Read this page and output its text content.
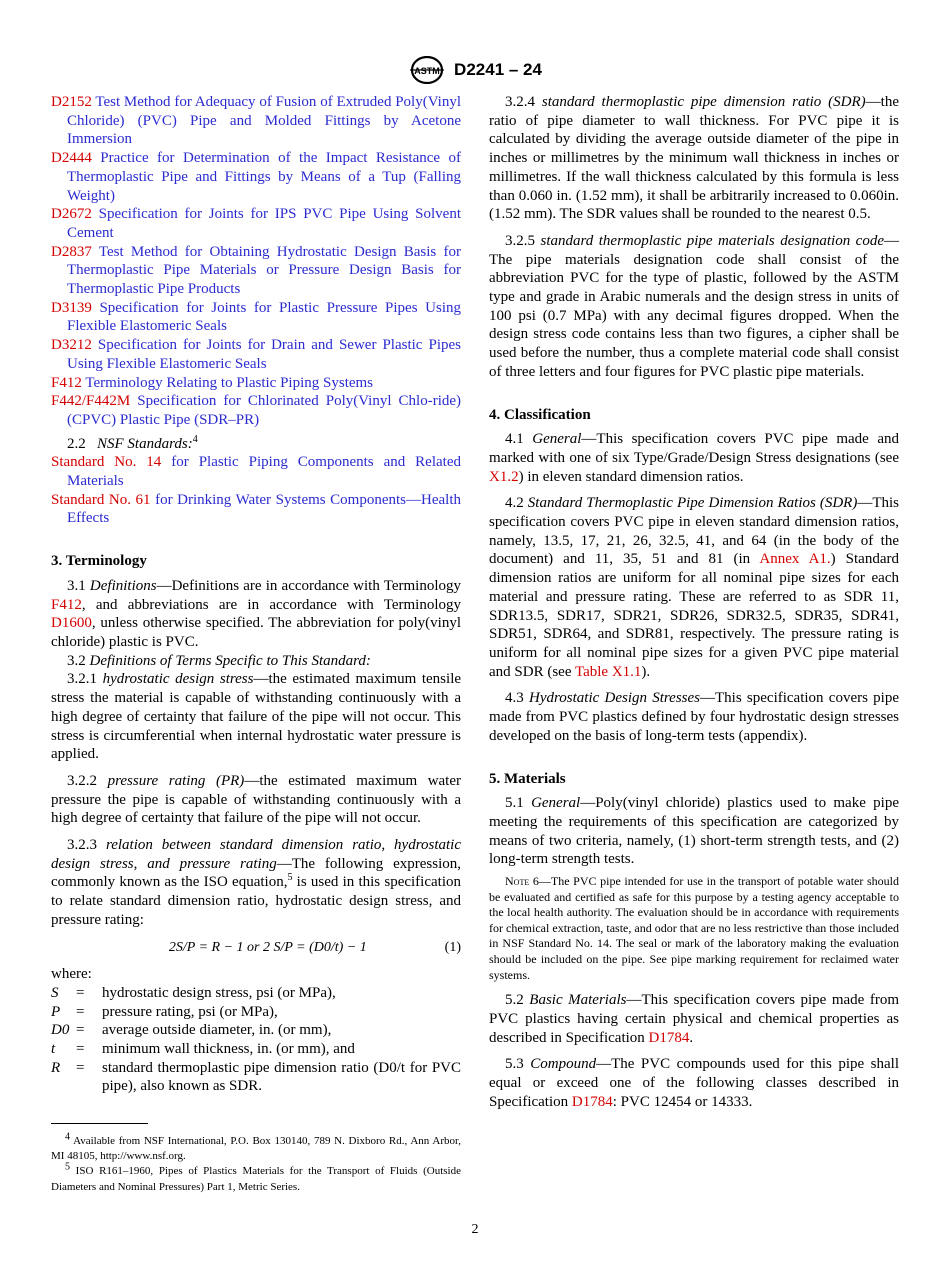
ASTM D2241 – 24

D2152 Test Method for Adequacy of Fusion of Extruded Poly(Vinyl Chloride) (PVC) Pipe and Molded Fittings by Acetone Immersion

D2444 Practice for Determination of the Impact Resistance of Thermoplastic Pipe and Fittings by Means of a Tup (Falling Weight)

D2672 Specification for Joints for IPS PVC Pipe Using Solvent Cement

D2837 Test Method for Obtaining Hydrostatic Design Basis for Thermoplastic Pipe Materials or Pressure Design Basis for Thermoplastic Pipe Products

D3139 Specification for Joints for Plastic Pressure Pipes Using Flexible Elastomeric Seals

D3212 Specification for Joints for Drain and Sewer Plastic Pipes Using Flexible Elastomeric Seals

F412 Terminology Relating to Plastic Piping Systems

F442/F442M Specification for Chlorinated Poly(Vinyl Chlo-ride) (CPVC) Plastic Pipe (SDR–PR)

2.2 NSF Standards:$^4$

Standard No. 14 for Plastic Piping Components and Related Materials

Standard No. 61 for Drinking Water Systems Components—Health Effects

3. Terminology

3.1 Definitions—Definitions are in accordance with Terminology F412, and abbreviations are in accordance with Terminology D1600, unless otherwise specified. The abbreviation for poly(vinyl chloride) plastic is PVC.

3.2 Definitions of Terms Specific to This Standard:

3.2.1 hydrostatic design stress—the estimated maximum tensile stress the material is capable of withstanding continuously with a high degree of certainty that failure of the pipe will not occur. This stress is circumferential when internal hydrostatic water pressure is applied.

3.2.2 pressure rating (PR)—the estimated maximum water pressure the pipe is capable of withstanding continuously with a high degree of certainty that failure of the pipe will not occur.

3.2.3 relation between standard dimension ratio, hydrostatic design stress, and pressure rating—The following expression, commonly known as the ISO equation,$^5$ is used in this specification to relate standard dimension ratio, hydrostatic design stress, and pressure rating:

2S/P = R − 1 or 2 S/P = (D0/t) − 1	(1)

where:

S	=	hydrostatic design stress, psi (or MPa),
P	=	pressure rating, psi (or MPa),
D0 =	average outside diameter, in. (or mm),
t	=	minimum wall thickness, in. (or mm), and
R	=	standard thermoplastic pipe dimension ratio (D0/t for PVC pipe), also known as SDR.

$^4$ Available from NSF International, P.O. Box 130140, 789 N. Dixboro Rd., Ann Arbor, MI 48105, http://www.nsf.org.

$^5$ ISO R161–1960, Pipes of Plastics Materials for the Transport of Fluids (Outside Diameters and Nominal Pressures) Part 1, Metric Series.

3.2.4 standard thermoplastic pipe dimension ratio (SDR)—the ratio of pipe diameter to wall thickness. For PVC pipe it is calculated by dividing the average outside diameter of the pipe in inches or millimetres by the minimum wall thickness in inches or millimetres. If the wall thickness calculated by this formula is less than 0.060 in. (1.52 mm), it shall be arbitrarily increased to 0.060in. (1.52 mm). The SDR values shall be rounded to the nearest 0.5.

3.2.5 standard thermoplastic pipe materials designation code—The pipe materials designation code shall consist of the abbreviation PVC for the type of plastic, followed by the ASTM type and grade in Arabic numerals and the design stress in units of 100 psi (0.7 MPa) with any decimal figures dropped. When the design stress code contains less than two figures, a cipher shall be used before the number, thus a complete material code shall consist of three letters and four figures for PVC plastic pipe materials.

4. Classification

4.1 General—This specification covers PVC pipe made and marked with one of six Type/Grade/Design Stress designations (see X1.2) in eleven standard dimension ratios.

4.2 Standard Thermoplastic Pipe Dimension Ratios (SDR)—This specification covers PVC pipe in eleven standard dimension ratios, namely, 13.5, 17, 21, 26, 32.5, 41, and 64 (in the body of the document) and 11, 35, 51 and 81 (in Annex A1.) Standard dimension ratios are uniform for all nominal pipe sizes for each material and pressure rating. These are referred to as SDR 11, SDR13.5, SDR17, SDR21, SDR26, SDR32.5, SDR35, SDR41, SDR51, SDR64, and SDR81, respectively. The pressure rating is uniform for all nominal pipe sizes for a given PVC pipe material and SDR (see Table X1.1).

4.3 Hydrostatic Design Stresses—This specification covers pipe made from PVC plastics defined by four hydrostatic design stresses developed on the basis of long-term tests (appendix).

5. Materials

5.1 General—Poly(vinyl chloride) plastics used to make pipe meeting the requirements of this specification are categorized by means of two criteria, namely, (1) short-term strength tests, and (2) long-term strength tests.

Note 6—The PVC pipe intended for use in the transport of potable water should be evaluated and certified as safe for this purpose by a testing agency acceptable to the local health authority. The evaluation should be in accordance with requirements for chemical extraction, taste, and odor that are no less restrictive than those included in NSF Standard No. 14. The seal or mark of the laboratory making the evaluation should be included on the pipe. See pipe marking requirement for reclaimed water systems.

5.2 Basic Materials—This specification covers pipe made from PVC plastics having certain physical and chemical properties as described in Specification D1784.

5.3 Compound—The PVC compounds used for this pipe shall equal or exceed one of the following classes described in Specification D1784: PVC 12454 or 14333.

2
